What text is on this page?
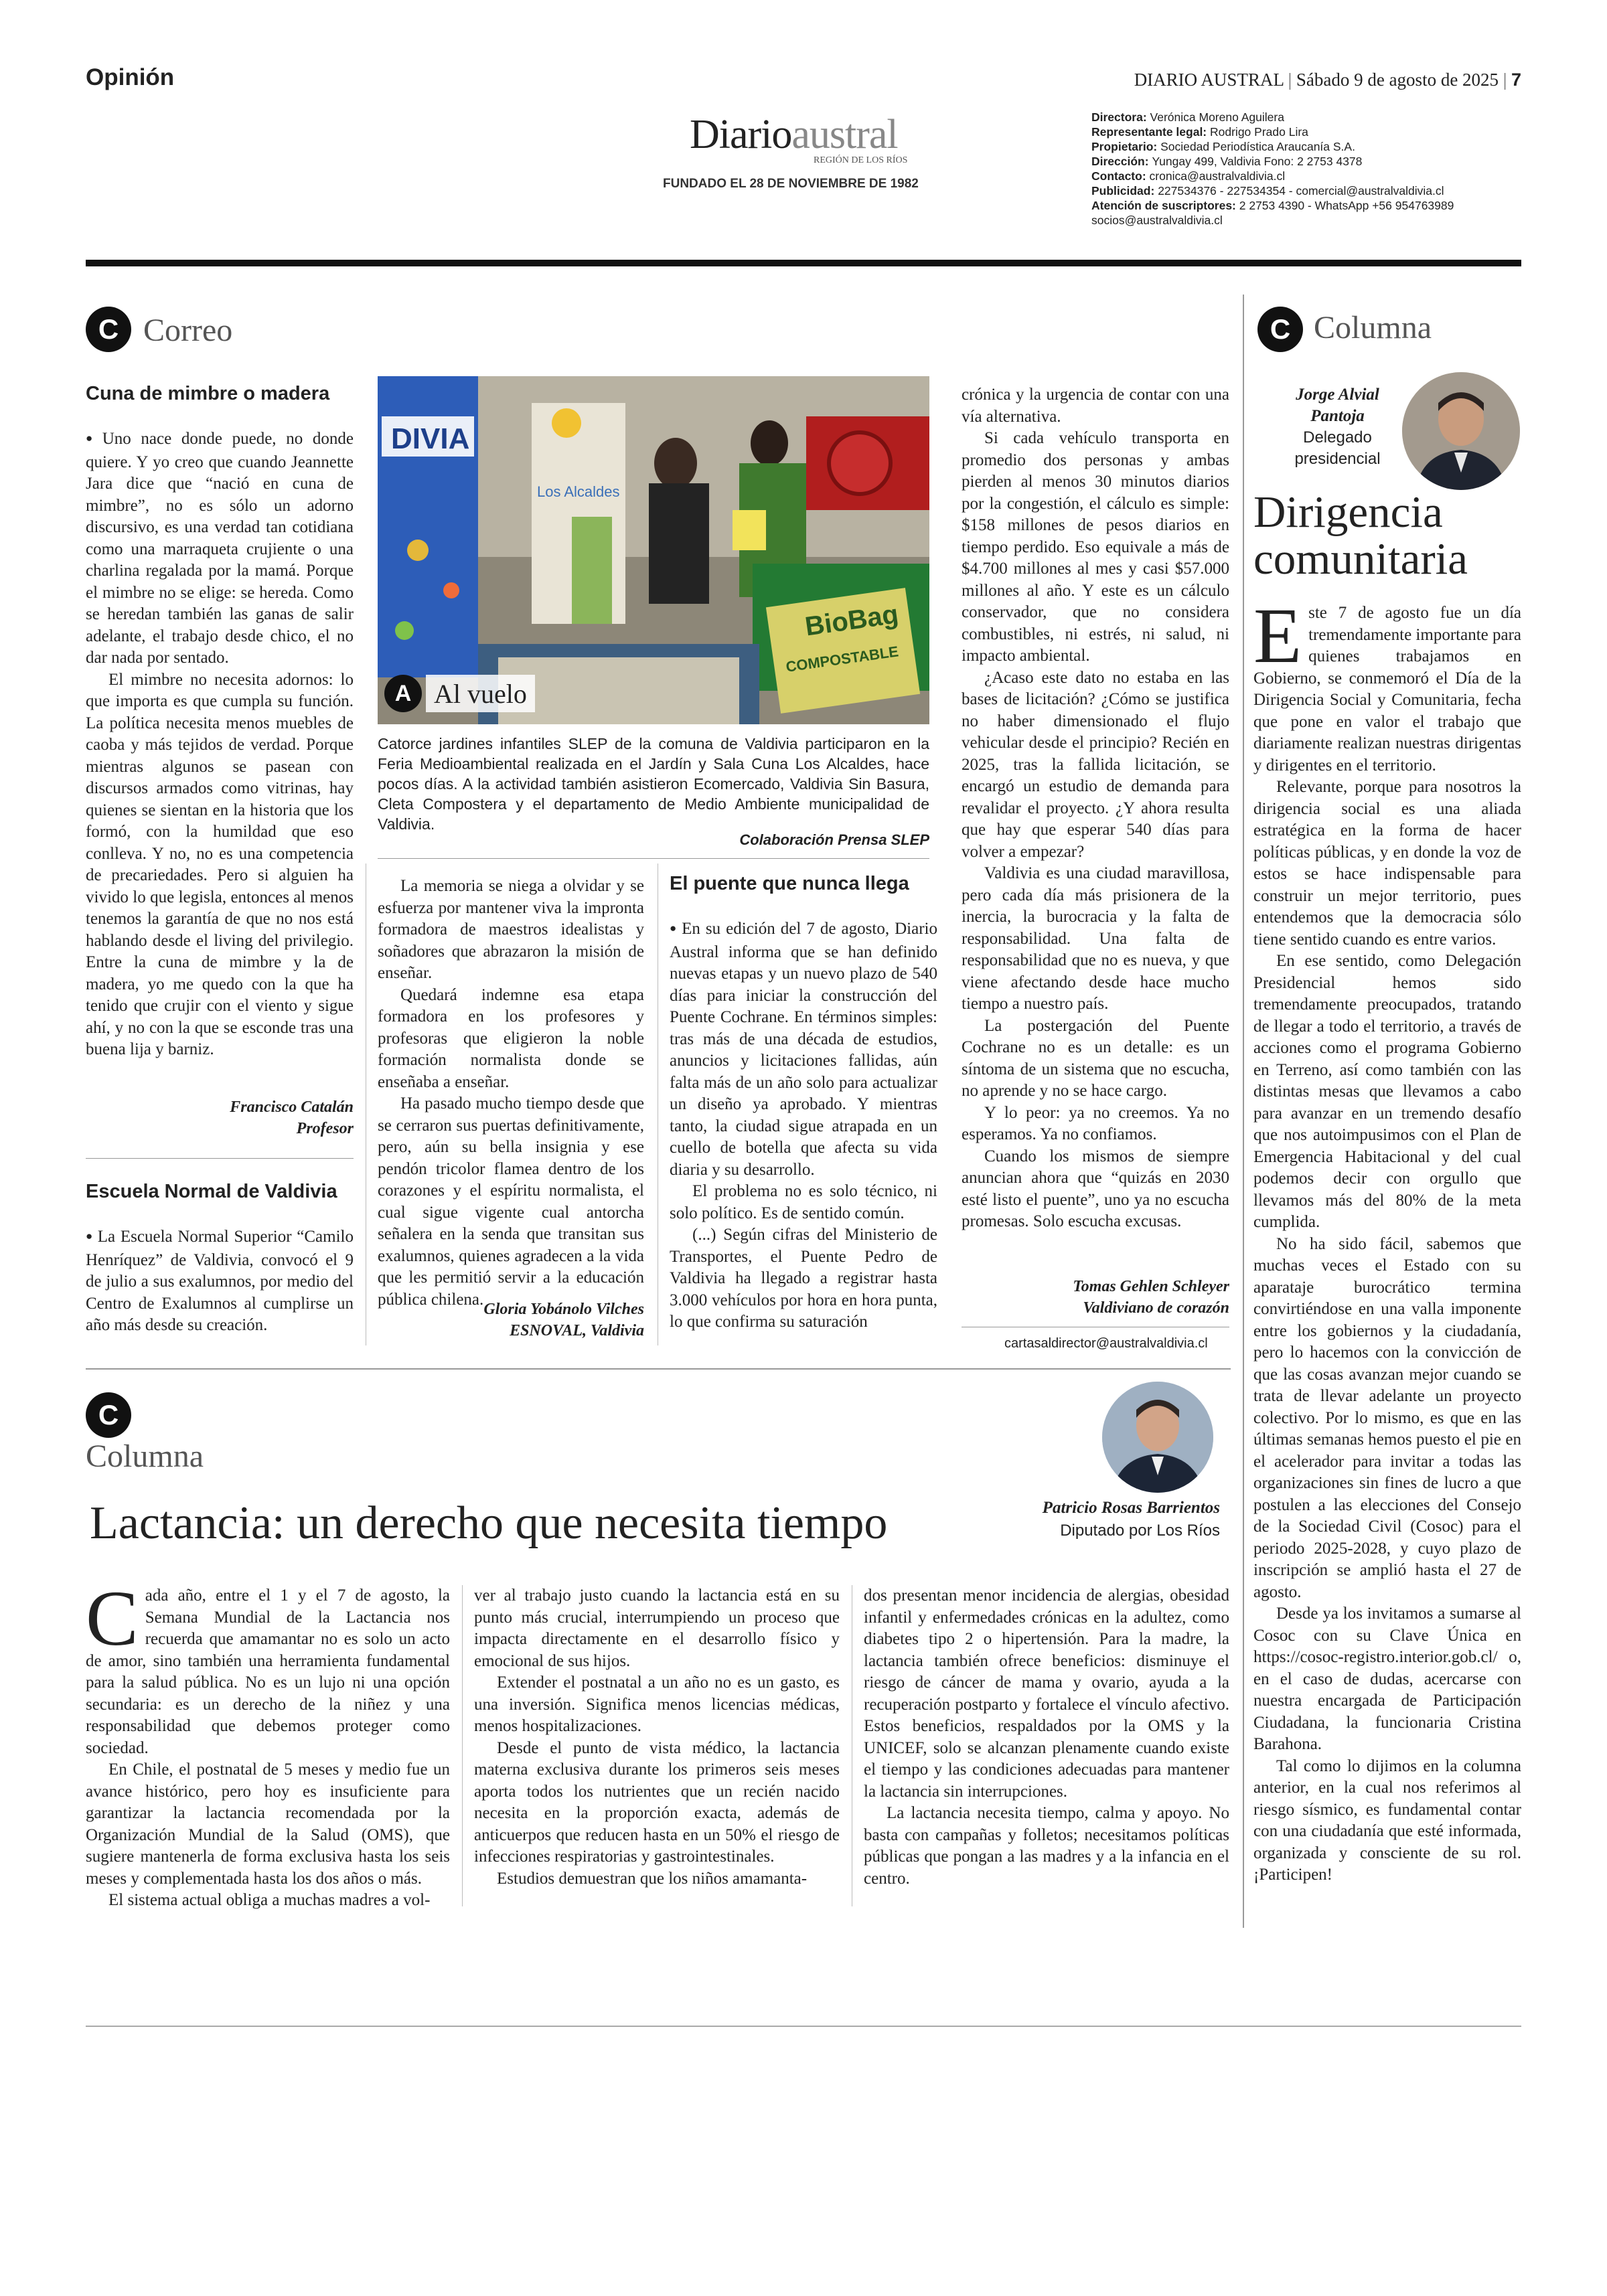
Opinión	DIARIO AUSTRAL | Sábado 9 de agosto de 2025 | 7
Diarioaustral
REGIÓN DE LOS RÍOS
FUNDADO EL 28 DE NOVIEMBRE DE 1982
Directora: Verónica Moreno Aguilera
Representante legal: Rodrigo Prado Lira
Propietario: Sociedad Periodística Araucanía S.A.
Dirección: Yungay 499, Valdivia Fono: 2 2753 4378
Contacto: cronica@australvaldivia.cl
Publicidad: 227534376 - 227534354 - comercial@australvaldivia.cl
Atención de suscriptores: 2 2753 4390 - WhatsApp +56 954763989
socios@australvaldivia.cl
C Correo
Cuna de mimbre o madera

● Uno nace donde puede, no donde quiere. Y yo creo que cuando Jeannette Jara dice que “nació en cuna de mimbre”, no es sólo un adorno discursivo, es una verdad tan cotidiana como una marraqueta crujiente o una charlina regalada por la mamá. Porque el mimbre no se elige: se hereda. Como se heredan también las ganas de salir adelante, el trabajo desde chico, el no dar nada por sentado.

El mimbre no necesita adornos: lo que importa es que cumpla su función. La política necesita menos muebles de caoba y más tejidos de verdad. Porque mientras algunos se pasean con discursos armados como vitrinas, hay quienes se sientan en la historia que los formó, con la humildad que eso conlleva. Y no, no es una competencia de precariedades. Pero si alguien ha vivido lo que legisla, entonces al menos tenemos la garantía de que no nos está hablando desde el living del privilegio. Entre la cuna de mimbre y la de madera, yo me quedo con la que ha tenido que crujir con el viento y sigue ahí, y no con la que se esconde tras una buena lija y barniz.

Francisco Catalán
Profesor
Escuela Normal de Valdivia

● La Escuela Normal Superior “Camilo Henríquez” de Valdivia, convocó el 9 de julio a sus exalumnos, por medio del Centro de Exalumnos al cumplirse un año más desde su creación.

La memoria se niega a olvidar y se esfuerza por mantener viva la impronta formadora de maestros idealistas y soñadores que abrazaron la misión de enseñar.

Quedará indemne esa etapa formadora en los profesores y profesoras que eligieron la noble formación normalista donde se enseñaba a enseñar.

Ha pasado mucho tiempo desde que se cerraron sus puertas definitivamente, pero, aún su bella insignia y ese pendón tricolor flamea dentro de los corazones y el espíritu normalista, el cual sigue vigente cual antorcha señalera en la senda que transitan sus exalumnos, quienes agradecen a la vida que les permitió servir a la educación pública chilena.

Gloria Yobánolo Vilches
ESNOVAL, Valdivia
DIVIA
Los Alcaldes
BioBag
COMPOSTABLE
A Al vuelo
Catorce jardines infantiles SLEP de la comuna de Valdivia participaron en la Feria Medioambiental realizada en el Jardín y Sala Cuna Los Alcaldes, hace pocos días. A la actividad también asistieron Ecomercado, Valdivia Sin Basura, Cleta Compostera y el departamento de Medio Ambiente municipalidad de Valdivia.
Colaboración Prensa SLEP
El puente que nunca llega

● En su edición del 7 de agosto, Diario Austral informa que se han definido nuevas etapas y un nuevo plazo de 540 días para iniciar la construcción del Puente Cochrane. En términos simples: tras más de una década de estudios, anuncios y licitaciones fallidas, aún falta más de un año solo para actualizar un diseño ya aprobado. Y mientras tanto, la ciudad sigue atrapada en un cuello de botella que afecta su vida diaria y su desarrollo.

El problema no es solo técnico, ni solo político. Es de sentido común.

(...) Según cifras del Ministerio de Transportes, el Puente Pedro de Valdivia ha llegado a registrar hasta 3.000 vehículos por hora en hora punta, lo que confirma su saturación

crónica y la urgencia de contar con una vía alternativa.

Si cada vehículo transporta en promedio dos personas y ambas pierden al menos 30 minutos diarios por la congestión, el cálculo es simple: $158 millones de pesos diarios en tiempo perdido. Eso equivale a más de $4.700 millones al mes y casi $57.000 millones al año. Y este es un cálculo conservador, que no considera combustibles, ni estrés, ni salud, ni impacto ambiental.

¿Acaso este dato no estaba en las bases de licitación? ¿Cómo se justifica no haber dimensionado el flujo vehicular desde el principio? Recién en 2025, tras la fallida licitación, se encargó un estudio de demanda para revalidar el proyecto. ¿Y ahora resulta que hay que esperar 540 días para volver a empezar?

Valdivia es una ciudad maravillosa, pero cada día más prisionera de la inercia, la burocracia y la falta de responsabilidad. Una falta de responsabilidad que no es nueva, y que viene afectando desde hace mucho tiempo a nuestro país.

La postergación del Puente Cochrane no es un detalle: es un síntoma de un sistema que no escucha, no aprende y no se hace cargo.

Y lo peor: ya no creemos. Ya no esperamos. Ya no confiamos.

Cuando los mismos de siempre anuncian ahora que “quizás en 2030 esté listo el puente”, uno ya no escucha promesas. Solo escucha excusas.

Tomas Gehlen Schleyer
Valdiviano de corazón
cartasaldirector@australvaldivia.cl
C Columna
Jorge Alvial Pantoja
Delegado presidencial
Dirigencia comunitaria

Este 7 de agosto fue un día tremendamente importante para quienes trabajamos en Gobierno, se conmemoró el Día de la Dirigencia Social y Comunitaria, fecha que pone en valor el trabajo que diariamente realizan nuestras dirigentas y dirigentes en el territorio.

Relevante, porque para nosotros la dirigencia social es una aliada estratégica en la forma de hacer políticas públicas, y en donde la voz de estos se hace indispensable para construir un mejor territorio, pues entendemos que la democracia sólo tiene sentido cuando es entre varios.

En ese sentido, como Delegación Presidencial hemos sido tremendamente preocupados, tratando de llegar a todo el territorio, a través de acciones como el programa Gobierno en Terreno, así como también con las distintas mesas que llevamos a cabo para avanzar en un tremendo desafío que nos autoimpusimos con el Plan de Emergencia Habitacional y del cual podemos decir con orgullo que llevamos más del 80% de la meta cumplida.

No ha sido fácil, sabemos que muchas veces el Estado con su aparataje burocrático termina convirtiéndose en una valla imponente entre los gobiernos y la ciudadanía, pero lo hacemos con la convicción de que las cosas avanzan mejor cuando se trata de llevar adelante un proyecto colectivo. Por lo mismo, es que en las últimas semanas hemos puesto el pie en el acelerador para invitar a todas las organizaciones sin fines de lucro a que postulen a las elecciones del Consejo de la Sociedad Civil (Cosoc) para el periodo 2025-2028, y cuyo plazo de inscripción se amplió hasta el 27 de agosto.

Desde ya los invitamos a sumarse al Cosoc con su Clave Única en https://cosoc-registro.interior.gob.cl/ o, en el caso de dudas, acercarse con nuestra encargada de Participación Ciudadana, la funcionaria Cristina Barahona.

Tal como lo dijimos en la columna anterior, en la cual nos referimos al riesgo sísmico, es fundamental contar con una ciudadanía que esté informada, organizada y consciente de su rol. ¡Participen!

C
Columna
Lactancia: un derecho que necesita tiempo	Patricio Rosas Barrientos
Diputado por Los Ríos

Cada año, entre el 1 y el 7 de agosto, la Semana Mundial de la Lactancia nos recuerda que amamantar no es solo un acto de amor, sino también una herramienta fundamental para la salud pública. No es un lujo ni una opción secundaria: es un derecho de la niñez y una responsabilidad que debemos proteger como sociedad.

En Chile, el postnatal de 5 meses y medio fue un avance histórico, pero hoy es insuficiente para garantizar la lactancia recomendada por la Organización Mundial de la Salud (OMS), que sugiere mantenerla de forma exclusiva hasta los seis meses y complementada hasta los dos años o más.

El sistema actual obliga a muchas madres a vol-

ver al trabajo justo cuando la lactancia está en su punto más crucial, interrumpiendo un proceso que impacta directamente en el desarrollo físico y emocional de sus hijos.

Extender el postnatal a un año no es un gasto, es una inversión. Significa menos licencias médicas, menos hospitalizaciones.

Desde el punto de vista médico, la lactancia materna exclusiva durante los primeros seis meses aporta todos los nutrientes que un recién nacido necesita en la proporción exacta, además de anticuerpos que reducen hasta en un 50% el riesgo de infecciones respiratorias y gastrointestinales.

Estudios demuestran que los niños amamanta-

dos presentan menor incidencia de alergias, obesidad infantil y enfermedades crónicas en la adultez, como diabetes tipo 2 o hipertensión. Para la madre, la lactancia también ofrece beneficios: disminuye el riesgo de cáncer de mama y ovario, ayuda a la recuperación postparto y fortalece el vínculo afectivo. Estos beneficios, respaldados por la OMS y la UNICEF, solo se alcanzan plenamente cuando existe el tiempo y las condiciones adecuadas para mantener la lactancia sin interrupciones.

La lactancia necesita tiempo, calma y apoyo. No basta con campañas y folletos; necesitamos políticas públicas que pongan a las madres y a la infancia en el centro.
